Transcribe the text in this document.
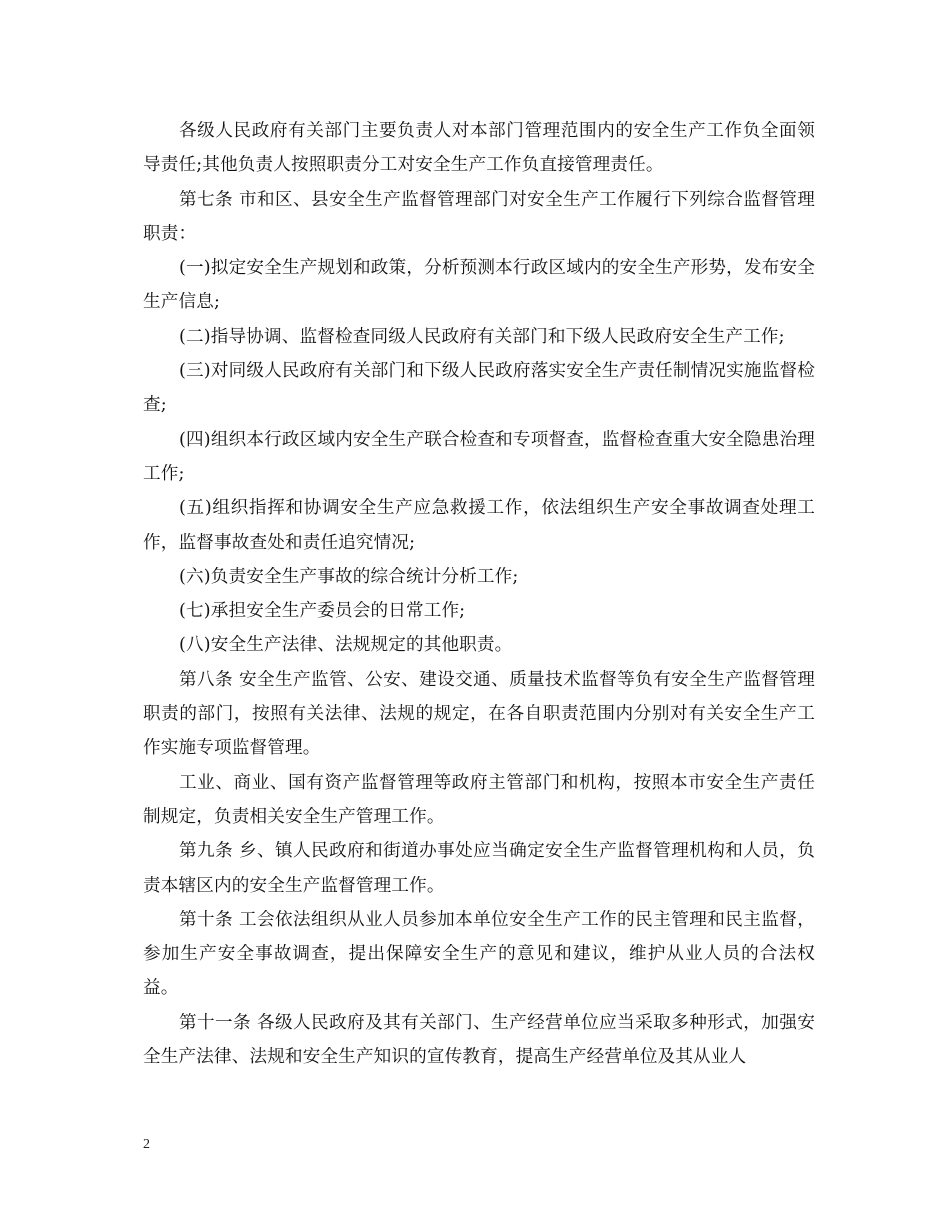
各级人民政府有关部门主要负责人对本部门管理范围内的安全生产工作负全面领导责任;其他负责人按照职责分工对安全生产工作负直接管理责任。

第七条 市和区、县安全生产监督管理部门对安全生产工作履行下列综合监督管理职责：

(一)拟定安全生产规划和政策，分析预测本行政区域内的安全生产形势，发布安全生产信息;

(二)指导协调、监督检查同级人民政府有关部门和下级人民政府安全生产工作;

(三)对同级人民政府有关部门和下级人民政府落实安全生产责任制情况实施监督检查;

(四)组织本行政区域内安全生产联合检查和专项督查，监督检查重大安全隐患治理工作;

(五)组织指挥和协调安全生产应急救援工作，依法组织生产安全事故调查处理工作，监督事故查处和责任追究情况;

(六)负责安全生产事故的综合统计分析工作;

(七)承担安全生产委员会的日常工作;

(八)安全生产法律、法规规定的其他职责。

第八条 安全生产监管、公安、建设交通、质量技术监督等负有安全生产监督管理职责的部门，按照有关法律、法规的规定，在各自职责范围内分别对有关安全生产工作实施专项监督管理。

工业、商业、国有资产监督管理等政府主管部门和机构，按照本市安全生产责任制规定，负责相关安全生产管理工作。

第九条 乡、镇人民政府和街道办事处应当确定安全生产监督管理机构和人员，负责本辖区内的安全生产监督管理工作。

第十条 工会依法组织从业人员参加本单位安全生产工作的民主管理和民主监督，参加生产安全事故调查，提出保障安全生产的意见和建议，维护从业人员的合法权益。

第十一条 各级人民政府及其有关部门、生产经营单位应当采取多种形式，加强安全生产法律、法规和安全生产知识的宣传教育，提高生产经营单位及其从业人

2
